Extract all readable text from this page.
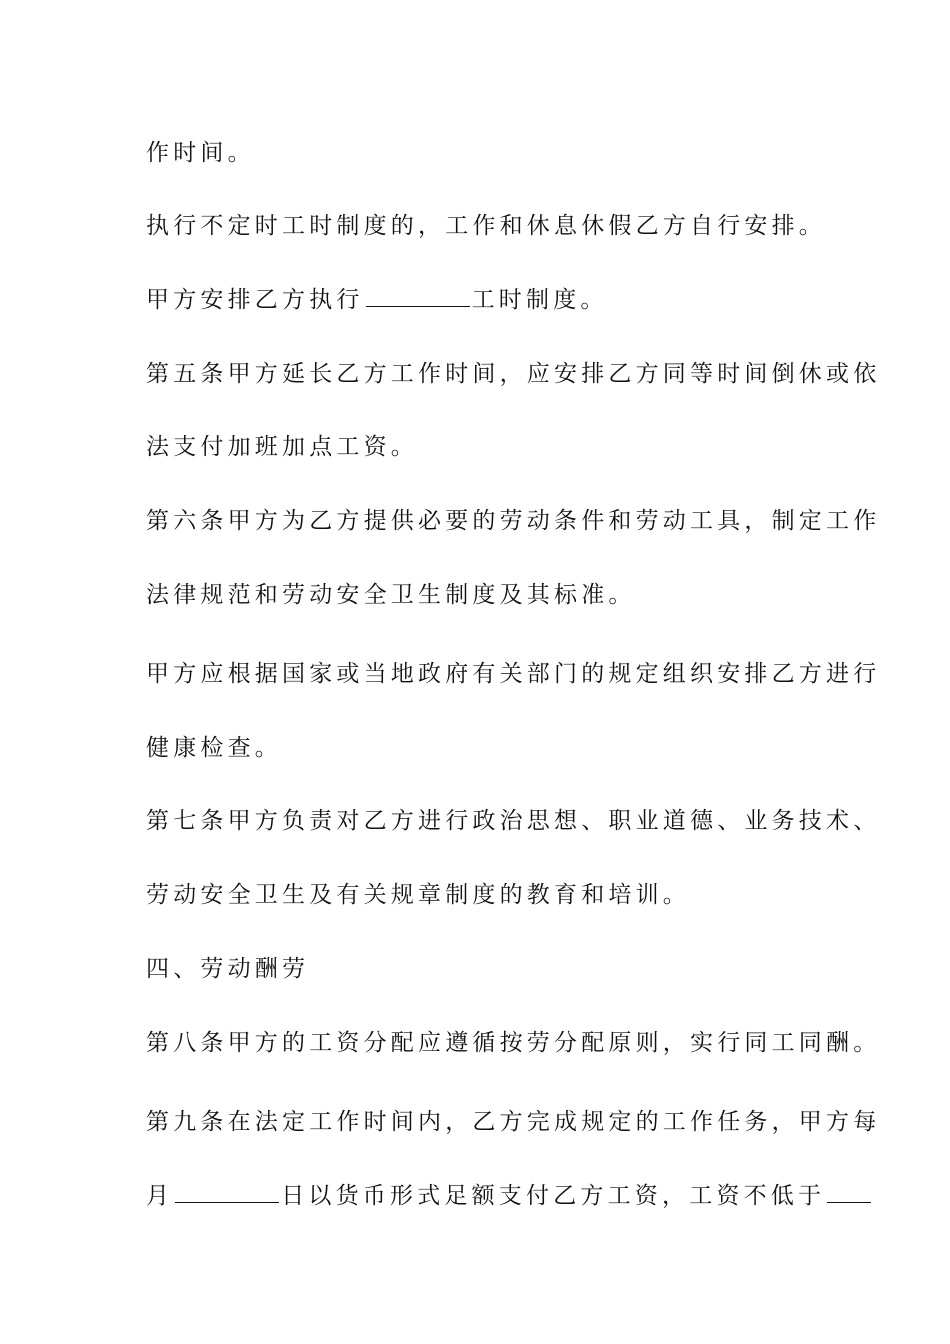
作时间。
执行不定时工时制度的，工作和休息休假乙方自行安排。
甲方安排乙方执行	工时制度。
第五条甲方延长乙方工作时间，应安排乙方同等时间倒休或依
法支付加班加点工资。
第六条甲方为乙方提供必要的劳动条件和劳动工具，制定工作
法律规范和劳动安全卫生制度及其标准。
甲方应根据国家或当地政府有关部门的规定组织安排乙方进行
健康检查。
第七条甲方负责对乙方进行政治思想、职业道德、业务技术、
劳动安全卫生及有关规章制度的教育和培训。
四、劳动酬劳
第八条甲方的工资分配应遵循按劳分配原则，实行同工同酬。
第九条在法定工作时间内，乙方完成规定的工作任务，甲方每
月	日以货币形式足额支付乙方工资，工资不低于
